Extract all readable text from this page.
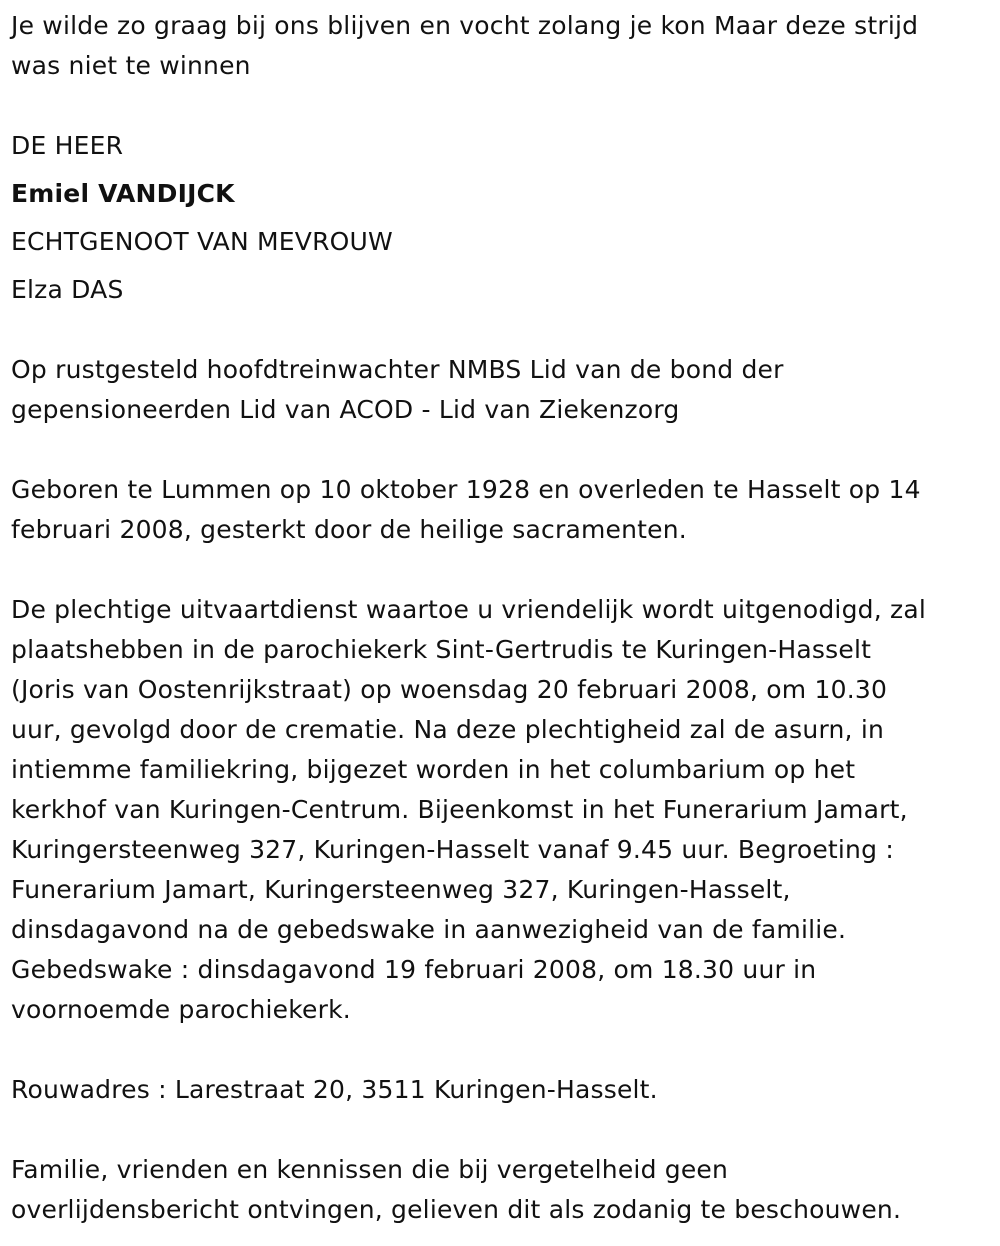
Je wilde zo graag bij ons blijven en vocht zolang je kon Maar deze strijd

was niet te winnen

DE HEER

Emiel VANDIJCK

ECHTGENOOT VAN MEVROUW

Elza DAS

Op rustgesteld hoofdtreinwachter NMBS Lid van de bond der

gepensioneerden Lid van ACOD - Lid van Ziekenzorg

Geboren te Lummen op 10 oktober 1928 en overleden te Hasselt op 14

februari 2008, gesterkt door de heilige sacramenten.

De plechtige uitvaartdienst waartoe u vriendelijk wordt uitgenodigd, zal

plaatshebben in de parochiekerk Sint-Gertrudis te Kuringen-Hasselt

(Joris van Oostenrijkstraat) op woensdag 20 februari 2008, om 10.30

uur, gevolgd door de crematie. Na deze plechtigheid zal de asurn, in

intiemme familiekring, bijgezet worden in het columbarium op het

kerkhof van Kuringen-Centrum. Bijeenkomst in het Funerarium Jamart,

Kuringersteenweg 327, Kuringen-Hasselt vanaf 9.45 uur. Begroeting :

Funerarium Jamart, Kuringersteenweg 327, Kuringen-Hasselt,

dinsdagavond na de gebedswake in aanwezigheid van de familie.

Gebedswake : dinsdagavond 19 februari 2008, om 18.30 uur in

voornoemde parochiekerk.

Rouwadres : Larestraat 20, 3511 Kuringen-Hasselt.

Familie, vrienden en kennissen die bij vergetelheid geen

overlijdensbericht ontvingen, gelieven dit als zodanig te beschouwen.
